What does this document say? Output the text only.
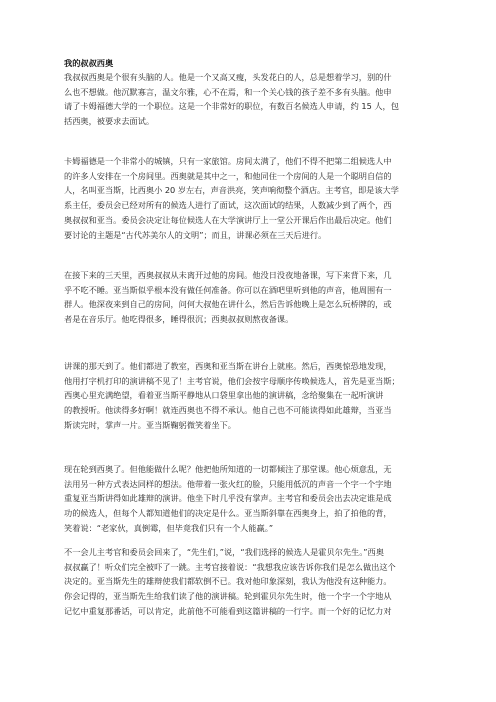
我的叔叔西奥
我叔叔西奥是个很有头脑的人。他是一个又高又瘦，头发花白的人，总是想着学习，别的什
么也不想做。他沉默寡言，温文尔雅，心不在焉，和一个关心钱的孩子差不多有头脑。他申
请了卡姆福德大学的一个职位。这是一个非常好的职位，有数百名候选人申请，约 15 人，包
括西奥，被要求去面试。
卡姆福德是一个非常小的城镇，只有一家旅馆。房间太满了，他们不得不把第二组候选人中
的许多人安排在一个房间里。西奥就是其中之一，和他同住一个房间的人是一个聪明自信的
人，名叫亚当斯，比西奥小 20 岁左右，声音洪亮，笑声响彻整个酒店。主考官，即是该大学
系主任，委员会已经对所有的候选人进行了面试，这次面试的结果，人数减少到了两个，西
奥叔叔和亚当。委员会决定让每位候选人在大学演讲厅上一堂公开课后作出最后决定。他们
要讨论的主题是“古代苏美尔人的文明”；而且，讲课必须在三天后进行。
在接下来的三天里，西奥叔叔从未离开过他的房间。他没日没夜地备课，写下来背下来，几
乎不吃不睡。亚当斯似乎根本没有做任何准备。你可以在酒吧里听到他的声音，他周围有一
群人。他深夜来到自己的房间，问何大叔他在讲什么，然后告诉他晚上是怎么玩桥牌的，或
者是在音乐厅。他吃得很多，睡得很沉；西奥叔叔则熬夜备课。
讲课的那天到了。他们都进了教室，西奥和亚当斯在讲台上就座。然后，西奥惊恐地发现，
他用打字机打印的演讲稿不见了！主考官说，他们会按字母顺序传唤候选人，首先是亚当斯；
西奥心里充满绝望，看着亚当斯平静地从口袋里拿出他的演讲稿，念给聚集在一起听演讲
的教授听。他读得多好啊！就连西奥也不得不承认。他自己也不可能读得如此雄辩，当亚当
斯读完时，掌声一片。亚当斯鞠躬微笑着坐下。
现在轮到西奥了。但他能做什么呢？他把他所知道的一切都倾注了那堂课。他心烦意乱，无
法用另一种方式表达同样的想法。他带着一张火红的脸，只能用低沉的声音一个字一个字地
重复亚当斯讲得如此雄辩的演讲。他坐下时几乎没有掌声。主考官和委员会出去决定谁是成
功的候选人，但每个人都知道他们的决定是什么。亚当斯斜靠在西奥身上，拍了拍他的背，
笑着说：“老家伙，真倒霉，但毕竟我们只有一个人能赢。”
不一会儿主考官和委员会回来了，“先生们，”说，“我们选择的候选人是霍贝尔先生。”西奥
叔叔赢了！听众们完全被吓了一跳。主考官接着说：“我想我应该告诉你我们是怎么做出这个
决定的。亚当斯先生的雄辩使我们都软倒不已。我对他印象深刻，我认为他没有这种能力。
你会记得的，亚当斯先生给我们读了他的演讲稿。轮到霍贝尔先生时，他一个字一个字地从
记忆中重复那番话，可以肯定，此前他不可能看到这篇讲稿的一行字。而一个好的记忆力对
